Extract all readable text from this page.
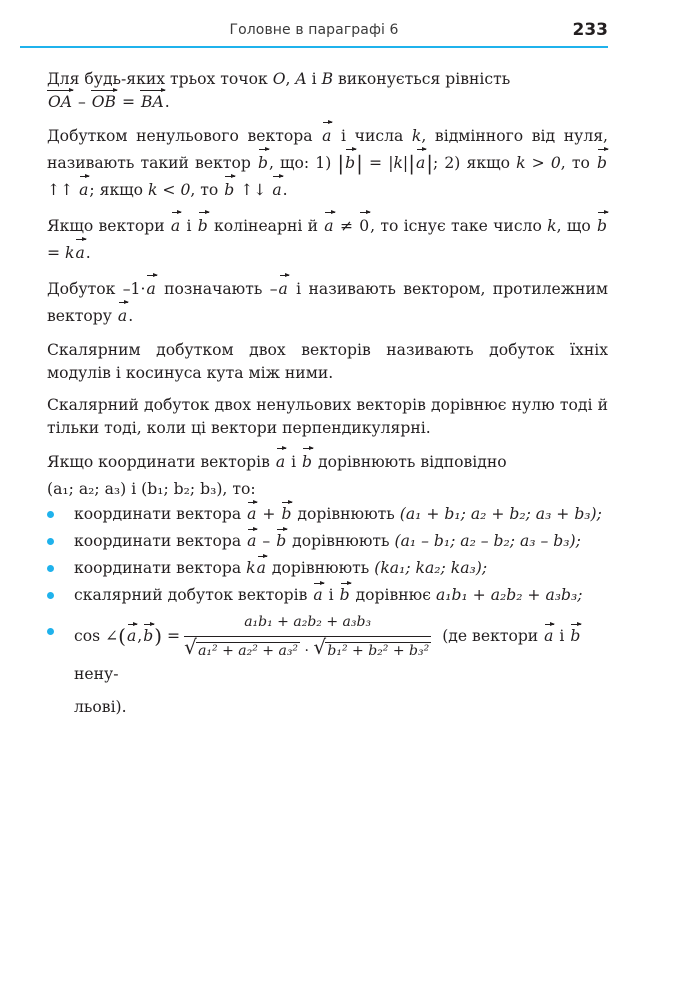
Головне в параграфі 6	233

Для будь-яких трьох точок O, A і B виконується рівність
OA – OB = BA.

Добутком ненульового вектора a і числа k, відмінного від нуля, називають такий вектор b, що: 1) |b| = |k||a|; 2) якщо k > 0, то b ↑↑ a; якщо k < 0, то b ↑↓ a.

Якщо вектори a і b колінеарні й a ≠ 0, то існує таке число k, що b = ka.

Добуток –1·a позначають –a і називають вектором, протилежним вектору a.

Скалярним добутком двох векторів називають добуток їхніх модулів і косинуса кута між ними.

Скалярний добуток двох ненульових векторів дорівнює нулю тоді й тільки тоді, коли ці вектори перпендикулярні.

Якщо координати векторів a і b дорівнюють відповідно
(a₁; a₂; a₃) і (b₁; b₂; b₃), то:

координати вектора a + b дорівнюють (a₁ + b₁; a₂ + b₂; a₃ + b₃);
координати вектора a – b дорівнюють (a₁ – b₁; a₂ – b₂; a₃ – b₃);
координати вектора ka дорівнюють (ka₁; ka₂; ka₃);
скалярний добуток векторів a і b дорівнює a₁b₁ + a₂b₂ + a₃b₃;
cos ∠(a,b) = $\frac{\text{a₁b₁ + a₂b₂ + a₃b₃}}{\text{√ a₁² + a₂² + a₃² · √ b₁² + b₂² + b₃²}} (де$ вектори a і b нену-
льові).
